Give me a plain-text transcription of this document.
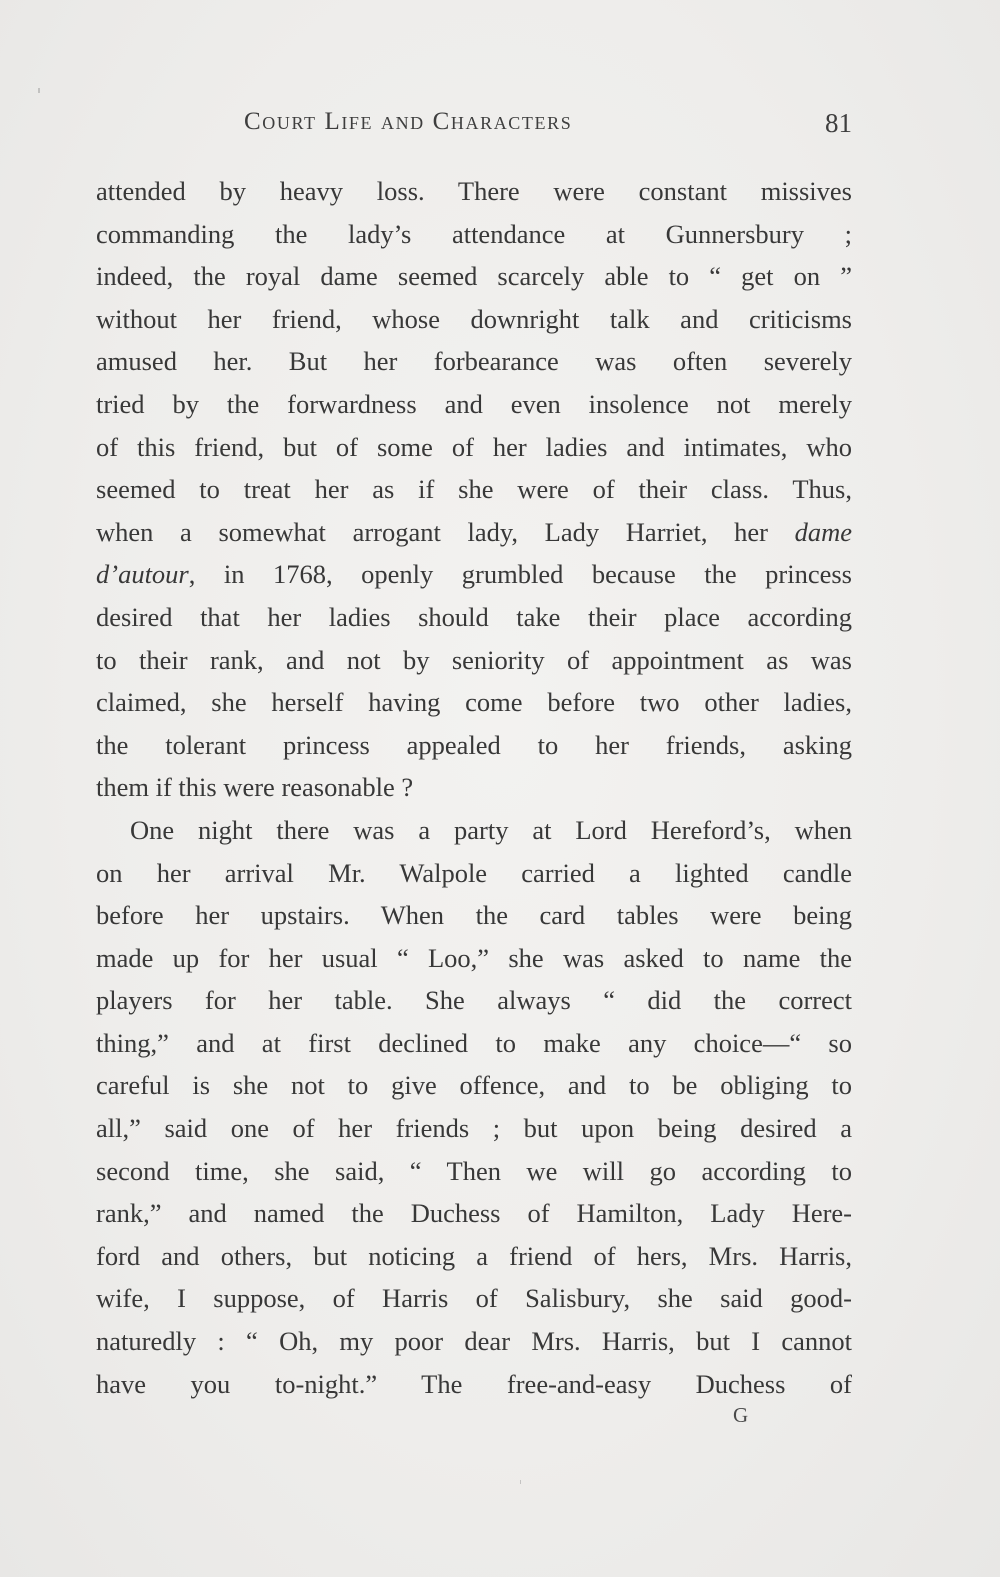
Court Life and Characters	81
attended by heavy loss. There were constant missives
commanding the lady’s attendance at Gunnersbury ;
indeed, the royal dame seemed scarcely able to “ get on ”
without her friend, whose downright talk and criticisms
amused her. But her forbearance was often severely
tried by the forwardness and even insolence not merely
of this friend, but of some of her ladies and intimates, who
seemed to treat her as if she were of their class. Thus,
when a somewhat arrogant lady, Lady Harriet, her dame
d’autour, in 1768, openly grumbled because the princess
desired that her ladies should take their place according
to their rank, and not by seniority of appointment as was
claimed, she herself having come before two other ladies,
the tolerant princess appealed to her friends, asking
them if this were reasonable ?
One night there was a party at Lord Hereford’s, when
on her arrival Mr. Walpole carried a lighted candle
before her upstairs. When the card tables were being
made up for her usual “ Loo,” she was asked to name the
players for her table. She always “ did the correct
thing,” and at first declined to make any choice—“ so
careful is she not to give offence, and to be obliging to
all,” said one of her friends ; but upon being desired a
second time, she said, “ Then we will go according to
rank,” and named the Duchess of Hamilton, Lady Here-
ford and others, but noticing a friend of hers, Mrs. Harris,
wife, I suppose, of Harris of Salisbury, she said good-
naturedly : “ Oh, my poor dear Mrs. Harris, but I cannot
have you to-night.” The free-and-easy Duchess of
G
